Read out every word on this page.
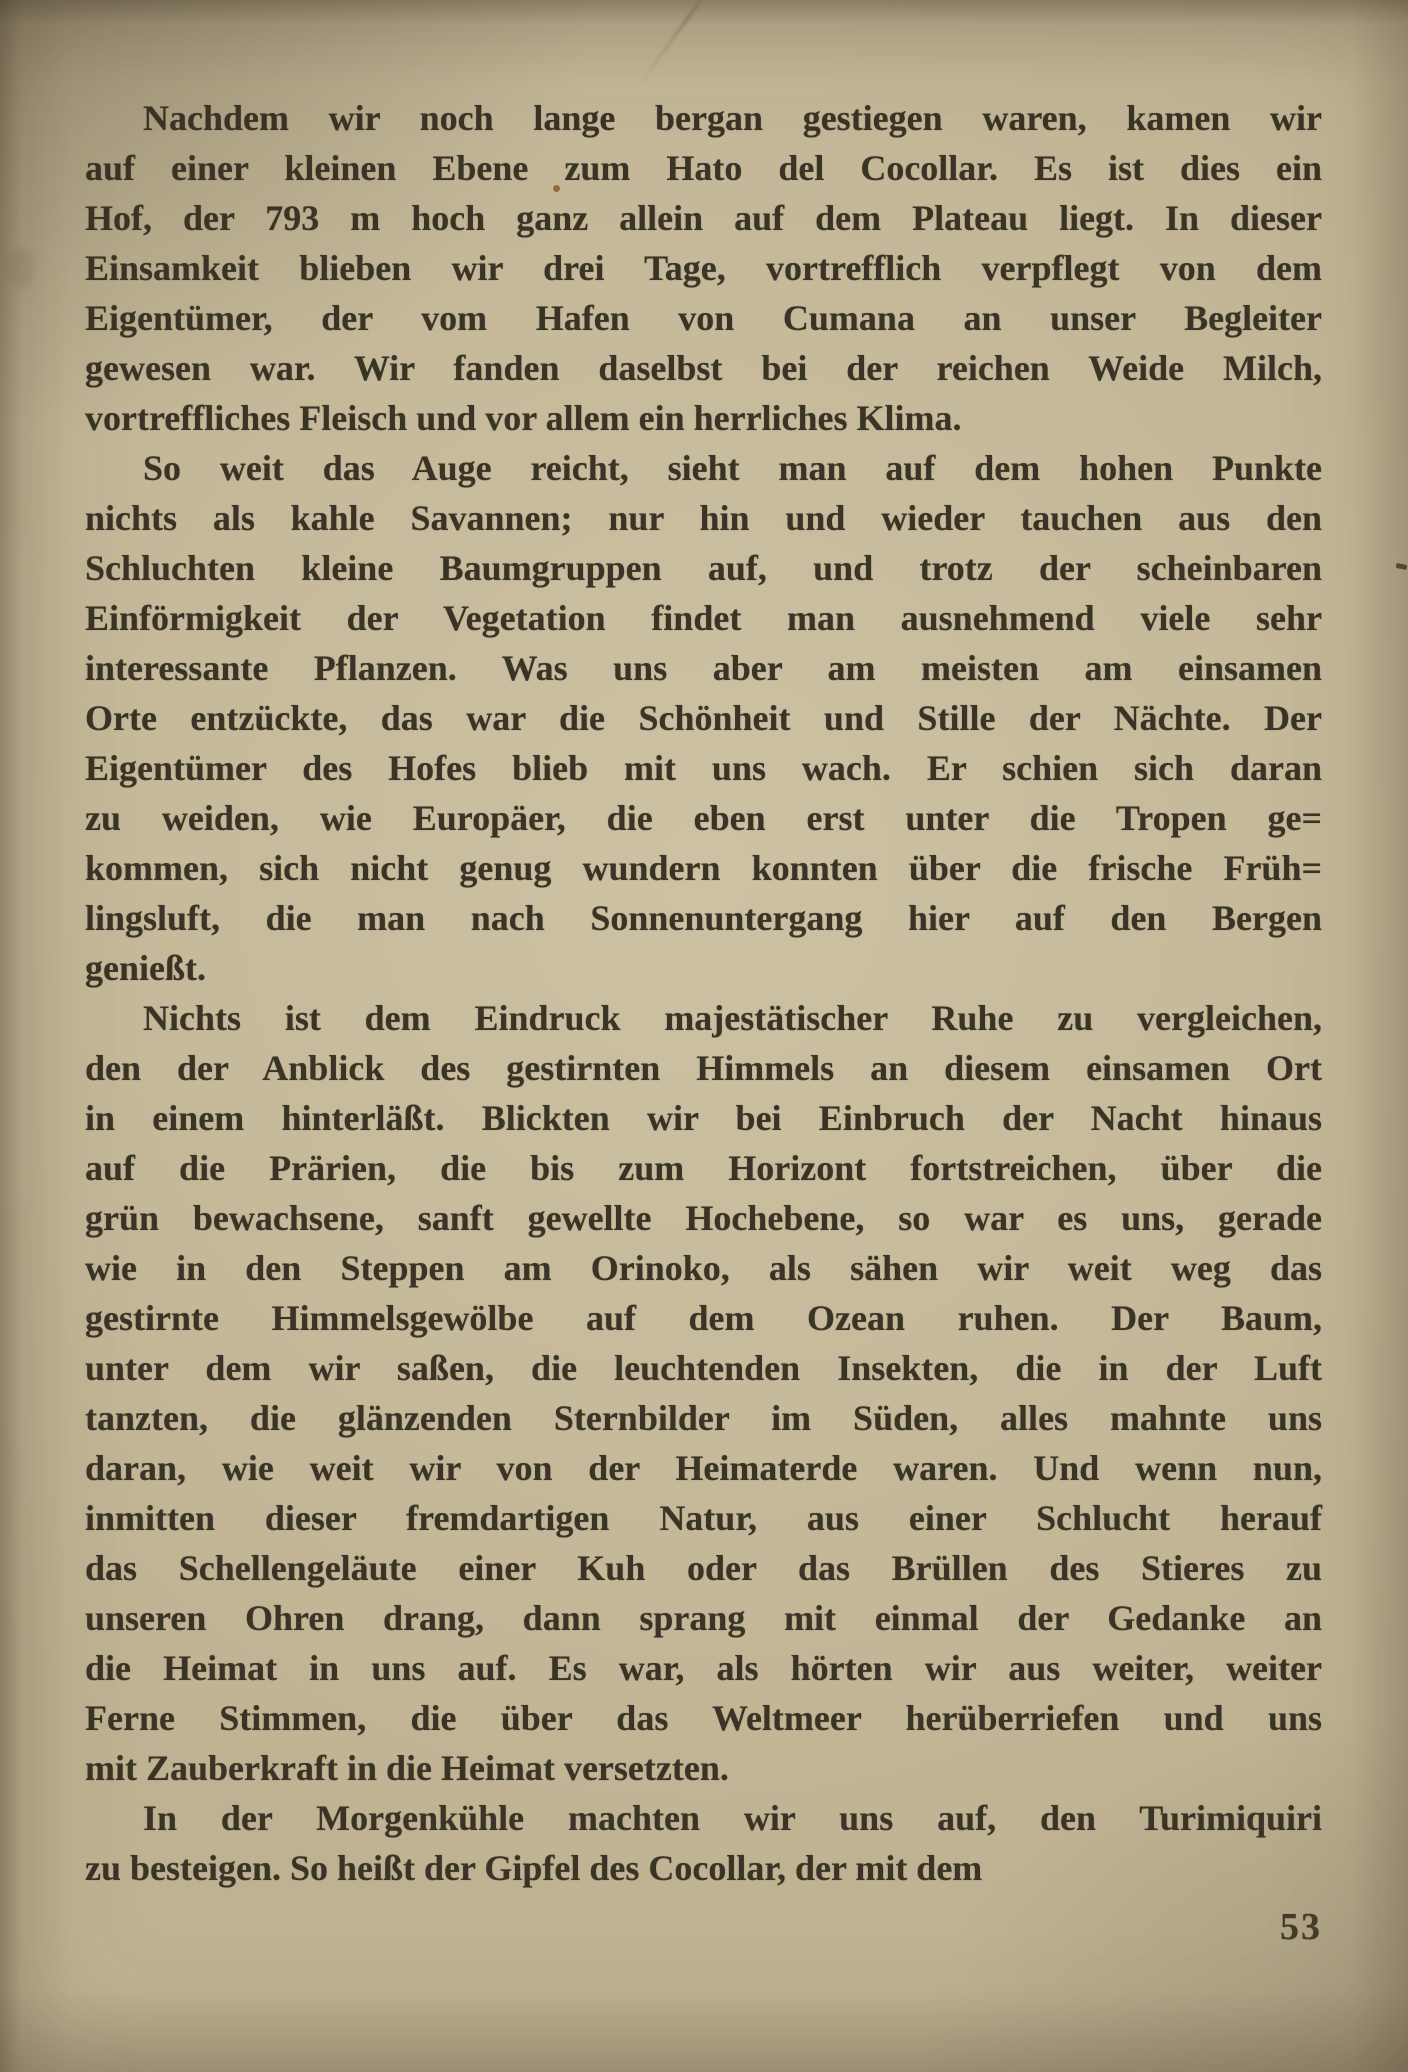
Nachdem wir noch lange bergan gestiegen waren, kamen wir
auf einer kleinen Ebene zum Hato del Cocollar. Es ist dies ein
Hof, der 793 m hoch ganz allein auf dem Plateau liegt. In dieser
Einsamkeit blieben wir drei Tage, vortrefflich verpflegt von dem
Eigentümer, der vom Hafen von Cumana an unser Begleiter
gewesen war. Wir fanden daselbst bei der reichen Weide Milch,
vortreffliches Fleisch und vor allem ein herrliches Klima.
So weit das Auge reicht, sieht man auf dem hohen Punkte
nichts als kahle Savannen; nur hin und wieder tauchen aus den
Schluchten kleine Baumgruppen auf, und trotz der scheinbaren
Einförmigkeit der Vegetation findet man ausnehmend viele sehr
interessante Pflanzen. Was uns aber am meisten am einsamen
Orte entzückte, das war die Schönheit und Stille der Nächte. Der
Eigentümer des Hofes blieb mit uns wach. Er schien sich daran
zu weiden, wie Europäer, die eben erst unter die Tropen ge=
kommen, sich nicht genug wundern konnten über die frische Früh=
lingsluft, die man nach Sonnenuntergang hier auf den Bergen
genießt.
Nichts ist dem Eindruck majestätischer Ruhe zu vergleichen,
den der Anblick des gestirnten Himmels an diesem einsamen Ort
in einem hinterläßt. Blickten wir bei Einbruch der Nacht hinaus
auf die Prärien, die bis zum Horizont fortstreichen, über die
grün bewachsene, sanft gewellte Hochebene, so war es uns, gerade
wie in den Steppen am Orinoko, als sähen wir weit weg das
gestirnte Himmelsgewölbe auf dem Ozean ruhen. Der Baum,
unter dem wir saßen, die leuchtenden Insekten, die in der Luft
tanzten, die glänzenden Sternbilder im Süden, alles mahnte uns
daran, wie weit wir von der Heimaterde waren. Und wenn nun,
inmitten dieser fremdartigen Natur, aus einer Schlucht herauf
das Schellengeläute einer Kuh oder das Brüllen des Stieres zu
unseren Ohren drang, dann sprang mit einmal der Gedanke an
die Heimat in uns auf. Es war, als hörten wir aus weiter, weiter
Ferne Stimmen, die über das Weltmeer herüberriefen und uns
mit Zauberkraft in die Heimat versetzten.
In der Morgenkühle machten wir uns auf, den Turimiquiri
zu besteigen. So heißt der Gipfel des Cocollar, der mit dem
53
